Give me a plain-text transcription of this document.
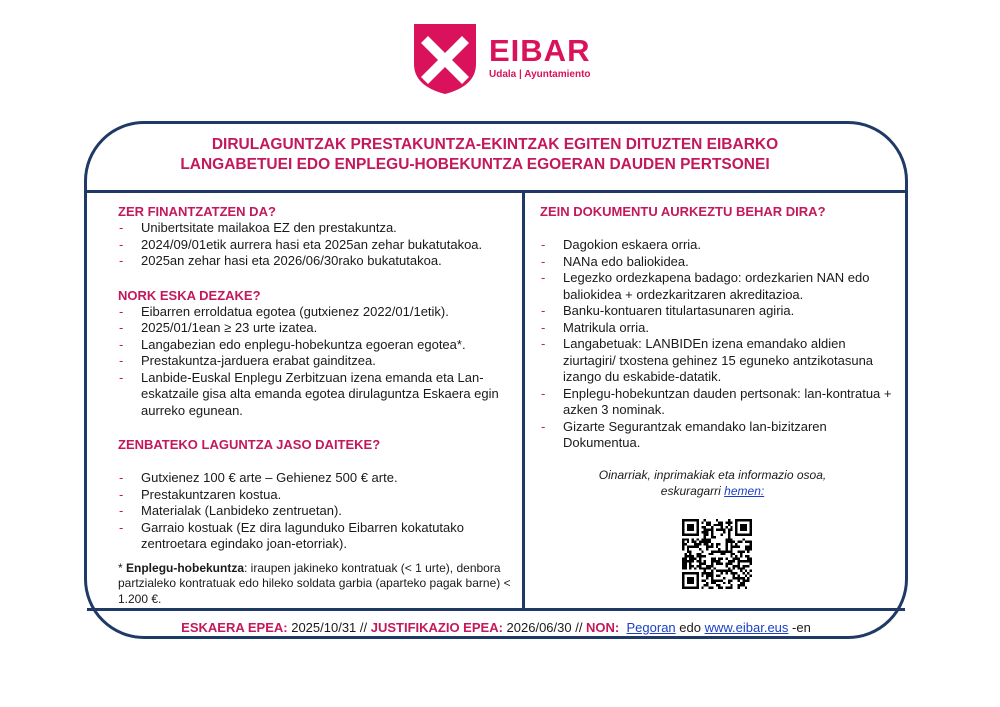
EIBAR
Udala | Ayuntamiento
DIRULAGUNTZAK PRESTAKUNTZA-EKINTZAK EGITEN DITUZTEN EIBARKO
LANGABETUEI EDO ENPLEGU-HOBEKUNTZA EGOERAN DAUDEN PERTSONEI
ZER FINANTZATZEN DA?
- Unibertsitate mailakoa EZ den prestakuntza.
- 2024/09/01etik aurrera hasi eta 2025an zehar bukatutakoa.
- 2025an zehar hasi eta 2026/06/30rako bukatutakoa.
NORK ESKA DEZAKE?
- Eibarren erroldatua egotea (gutxienez 2022/01/1etik).
- 2025/01/1ean ≥ 23 urte izatea.
- Langabezian edo enplegu-hobekuntza egoeran egotea*.
- Prestakuntza-jarduera erabat gainditzea.
- Lanbide-Euskal Enplegu Zerbitzuan izena emanda eta Lan-eskatzaile gisa alta emanda egotea dirulaguntza Eskaera egin aurreko egunean.
ZENBATEKO LAGUNTZA JASO DAITEKE?
- Gutxienez 100 € arte – Gehienez 500 € arte.
- Prestakuntzaren kostua.
- Materialak (Lanbideko zentruetan).
- Garraio kostuak (Ez dira lagunduko Eibarren kokatutako zentroetara egindako joan-etorriak).
* Enplegu-hobekuntza: iraupen jakineko kontratuak (< 1 urte), denbora partzialeko kontratuak edo hileko soldata garbia (aparteko pagak barne) < 1.200 €.
ZEIN DOKUMENTU AURKEZTU BEHAR DIRA?
- Dagokion eskaera orria.
- NANa edo baliokidea.
- Legezko ordezkapena badago: ordezkarien NAN edo baliokidea + ordezkaritzaren akreditazioa.
- Banku-kontuaren titulartasunaren agiria.
- Matrikula orria.
- Langabetuak: LANBIDEn izena emandako aldien ziurtagiri/ txostena gehinez 15 eguneko antzikotasuna izango du eskabide-datatik.
- Enplegu-hobekuntzan dauden pertsonak: lan-kontratua + azken 3 nominak.
- Gizarte Segurantzak emandako lan-bizitzaren Dokumentua.
Oinarriak, inprimakiak eta informazio osoa,
eskuragarri hemen:
ESKAERA EPEA: 2025/10/31 // JUSTIFIKAZIO EPEA: 2026/06/30 // NON: Pegoran edo www.eibar.eus -en
